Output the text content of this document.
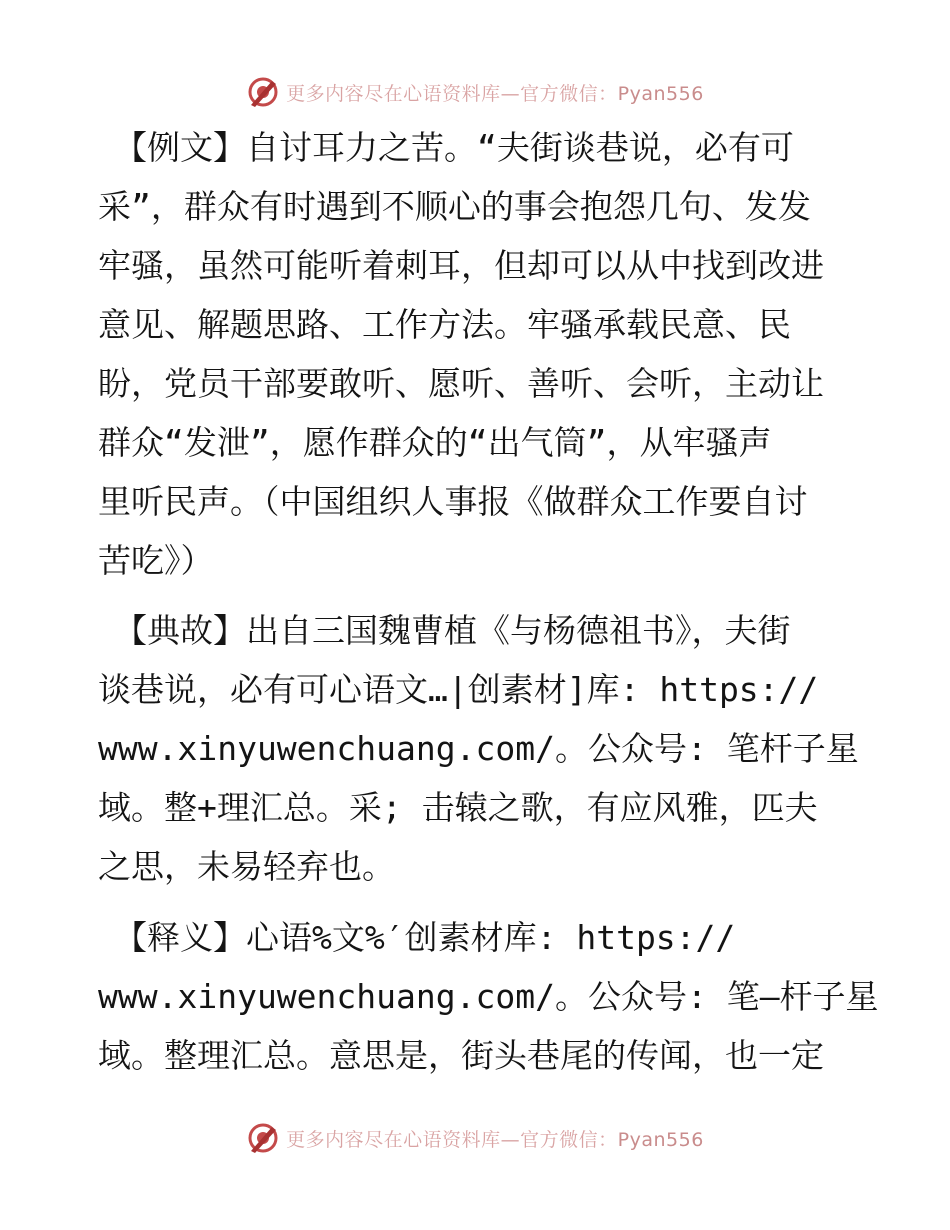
更多内容尽在心语资料库—官方微信：Pyan556
【例文】自讨耳力之苦。“夫街谈巷说，必有可
采”，群众有时遇到不顺心的事会抱怨几句、发发
牢骚，虽然可能听着刺耳，但却可以从中找到改进
意见、解题思路、工作方法。牢骚承载民意、民
盼，党员干部要敢听、愿听、善听、会听，主动让
群众“发泄”，愿作群众的“出气筒”，从牢骚声
里听民声。（中国组织人事报《做群众工作要自讨
苦吃》）
【典故】出自三国魏曹植《与杨德祖书》，夫街
谈巷说，必有可心语文…|创素材]库: https://
www.xinyuwenchuang.com/。公众号: 笔杆子星
域。整+理汇总。采; 击辕之歌，有应风雅，匹夫
之思，未易轻弃也。
【释义】心语%文%′创素材库: https://
www.xinyuwenchuang.com/。公众号: 笔—杆子星
域。整理汇总。意思是，街头巷尾的传闻，也一定
更多内容尽在心语资料库—官方微信：Pyan556
